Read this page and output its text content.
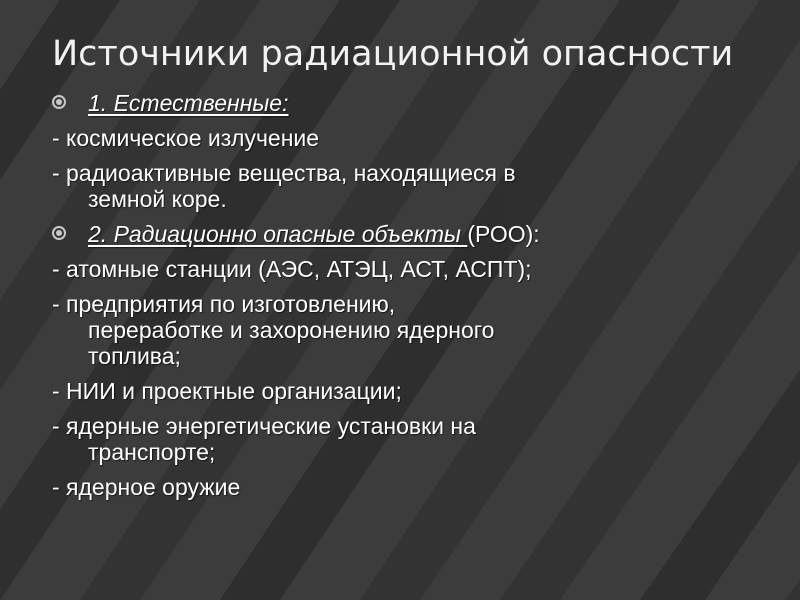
Источники радиационной опасности
1. Естественные:
- космическое излучение
- радиоактивные вещества, находящиеся в
земной коре.
2. Радиационно опасные объекты (РОО):
- атомные станции (АЭС, АТЭЦ, АСТ, АСПТ);
- предприятия по изготовлению,
переработке и захоронению ядерного
топлива;
- НИИ и проектные организации;
- ядерные энергетические установки на
транспорте;
- ядерное оружие
